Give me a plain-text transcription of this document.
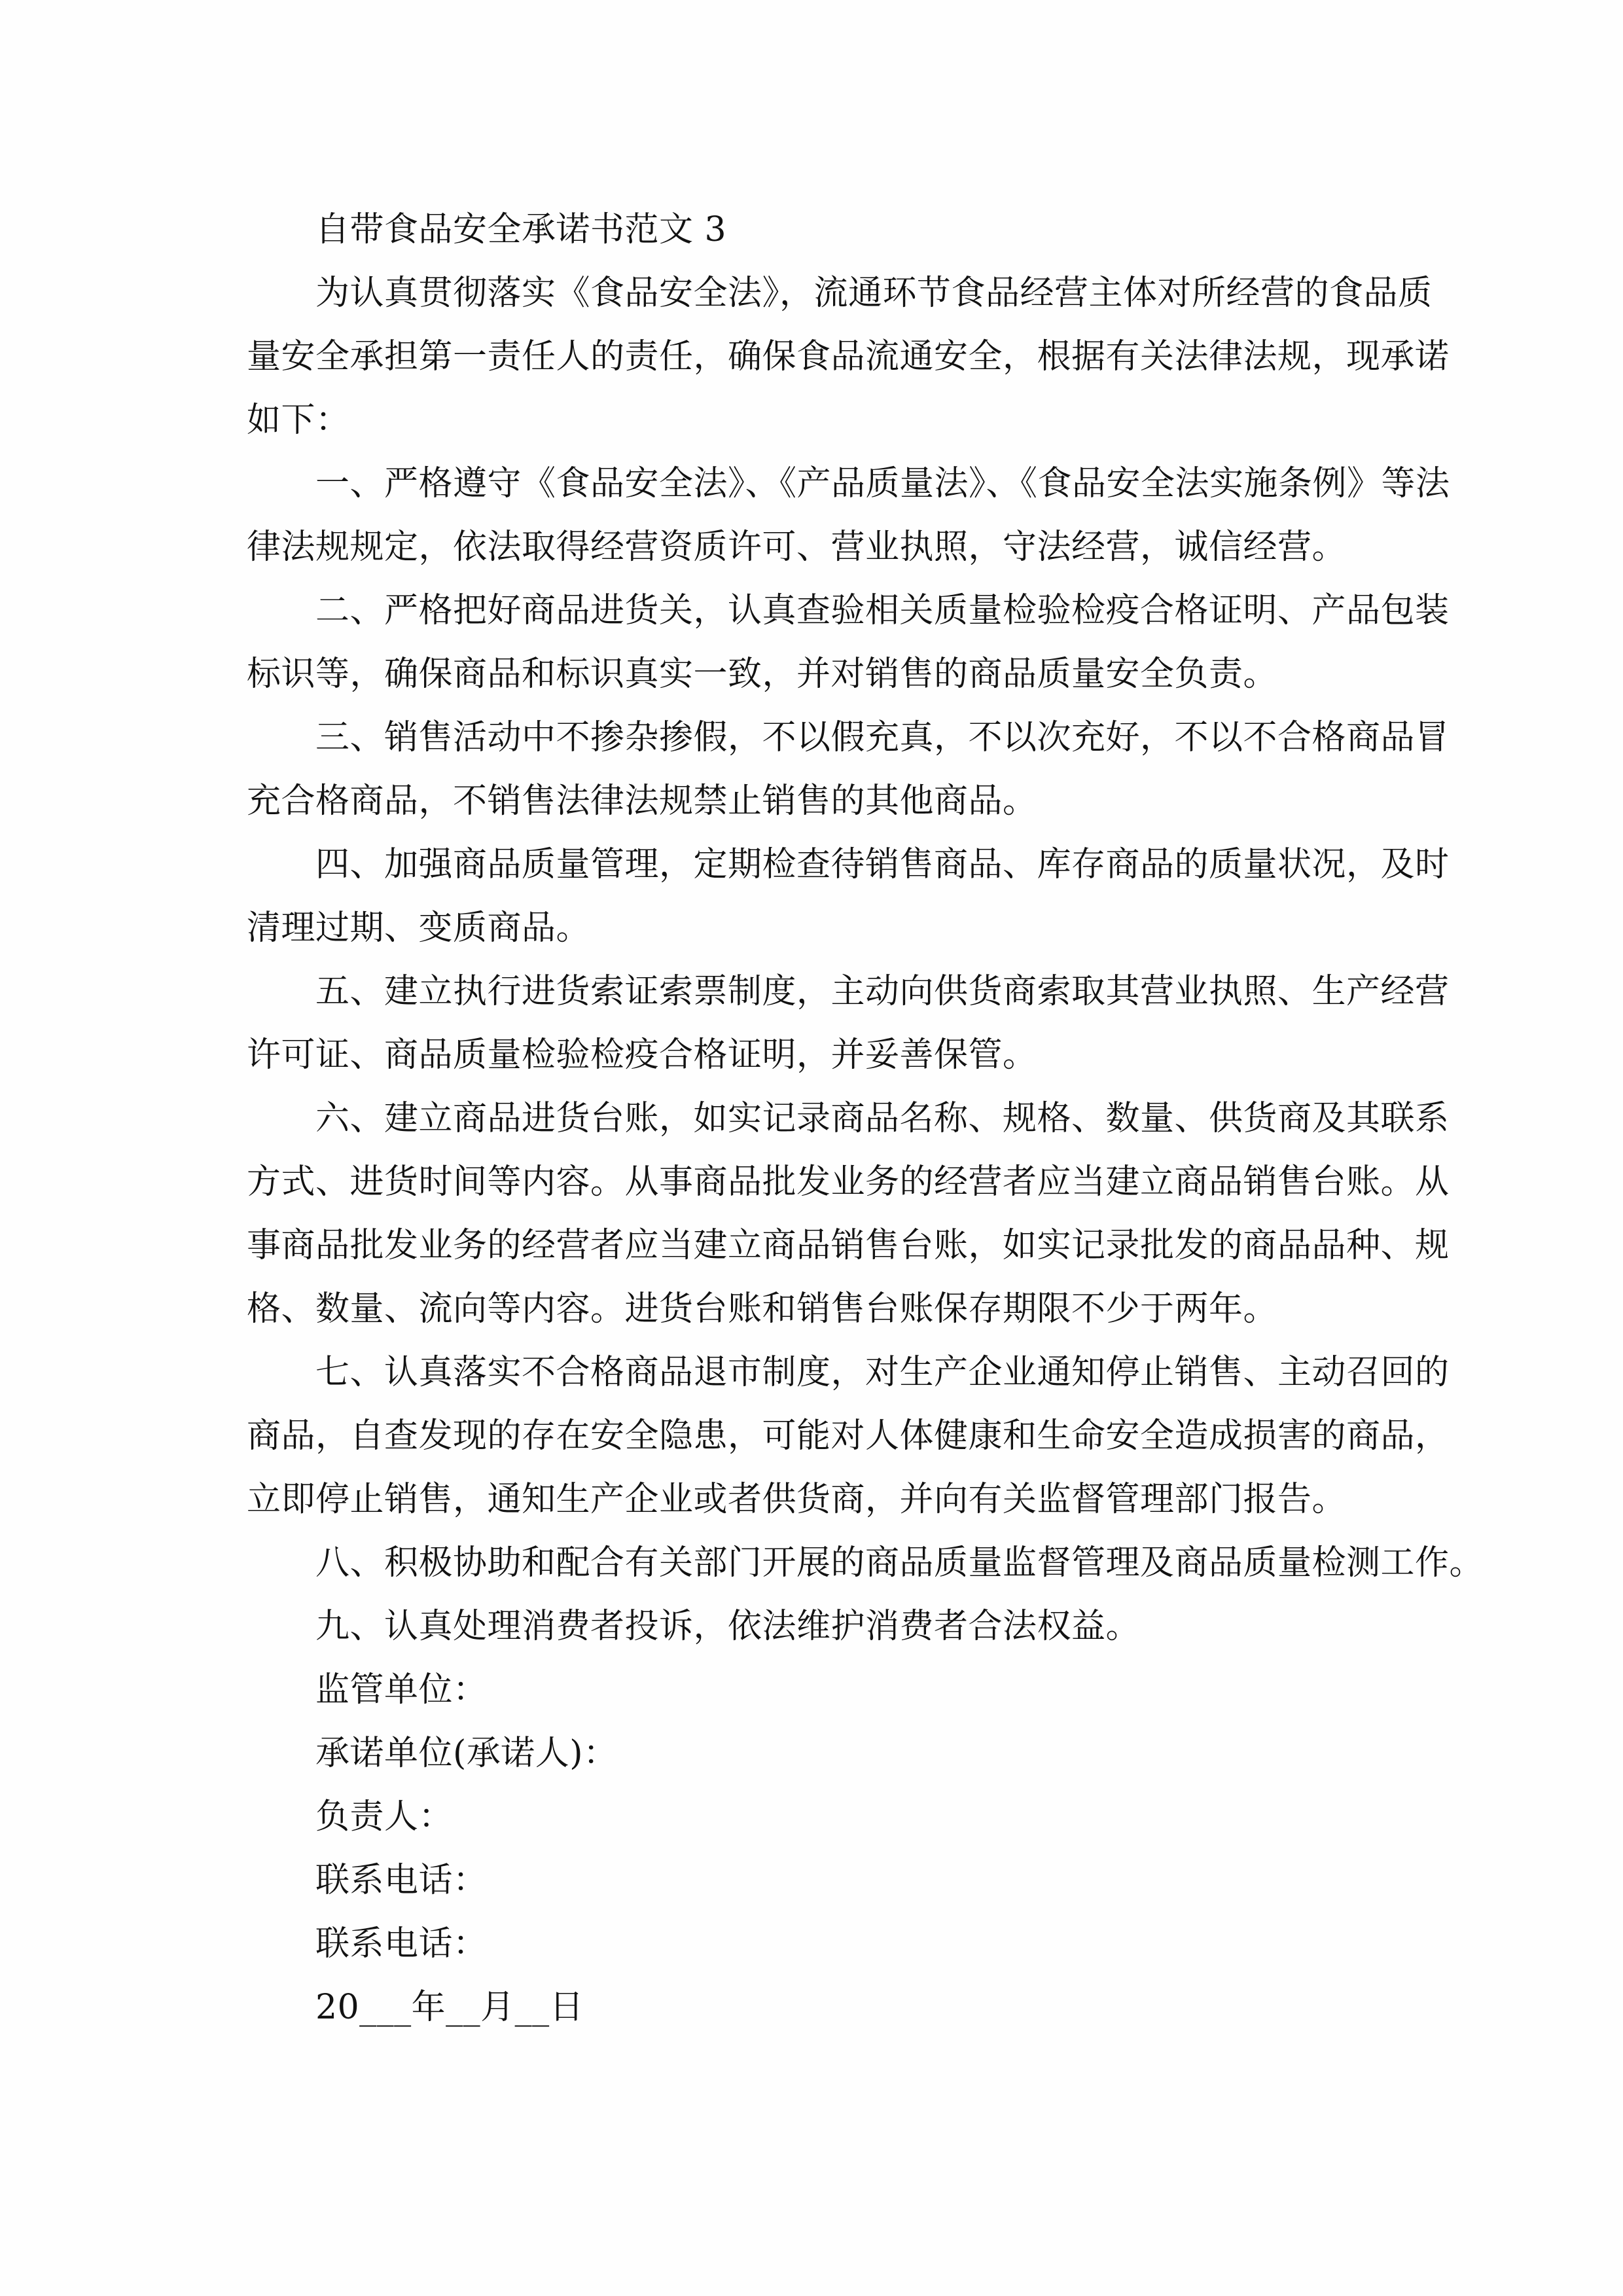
自带食品安全承诺书范文 3
为认真贯彻落实《食品安全法》，流通环节食品经营主体对所经营的食品质
量安全承担第一责任人的责任，确保食品流通安全，根据有关法律法规，现承诺
如下：
一、严格遵守《食品安全法》、《产品质量法》、《食品安全法实施条例》等法
律法规规定，依法取得经营资质许可、营业执照，守法经营，诚信经营。
二、严格把好商品进货关，认真查验相关质量检验检疫合格证明、产品包装
标识等，确保商品和标识真实一致，并对销售的商品质量安全负责。
三、销售活动中不掺杂掺假，不以假充真，不以次充好，不以不合格商品冒
充合格商品，不销售法律法规禁止销售的其他商品。
四、加强商品质量管理，定期检查待销售商品、库存商品的质量状况，及时
清理过期、变质商品。
五、建立执行进货索证索票制度，主动向供货商索取其营业执照、生产经营
许可证、商品质量检验检疫合格证明，并妥善保管。
六、建立商品进货台账，如实记录商品名称、规格、数量、供货商及其联系
方式、进货时间等内容。从事商品批发业务的经营者应当建立商品销售台账。从
事商品批发业务的经营者应当建立商品销售台账，如实记录批发的商品品种、规
格、数量、流向等内容。进货台账和销售台账保存期限不少于两年。
七、认真落实不合格商品退市制度，对生产企业通知停止销售、主动召回的
商品，自查发现的存在安全隐患，可能对人体健康和生命安全造成损害的商品，
立即停止销售，通知生产企业或者供货商，并向有关监督管理部门报告。
八、积极协助和配合有关部门开展的商品质量监督管理及商品质量检测工作。
九、认真处理消费者投诉，依法维护消费者合法权益。
监管单位：
承诺单位(承诺人)：
负责人：
联系电话：
联系电话：
20___年__月__日
